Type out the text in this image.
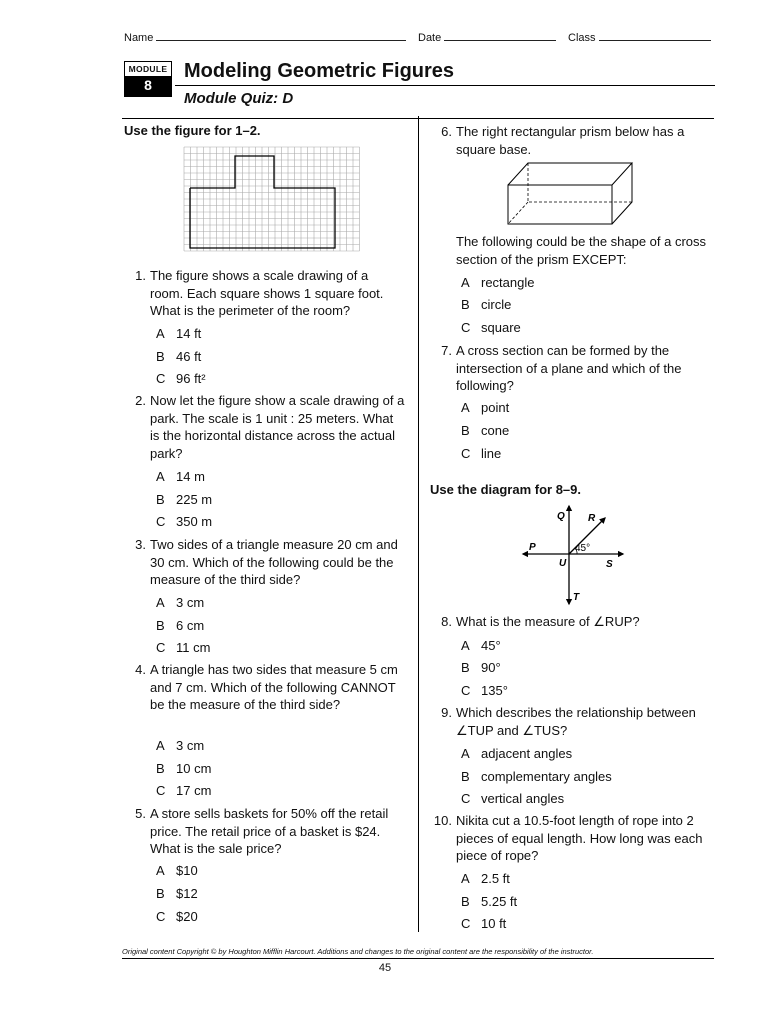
Name	Date	Class
MODULE
8
Modeling Geometric Figures
Module Quiz: D
Use the figure for 1–2.
1. The figure shows a scale drawing of a room. Each square shows 1 square foot. What is the perimeter of the room?
A 14 ft
B 46 ft
C 96 ft²
2. Now let the figure show a scale drawing of a park. The scale is 1 unit : 25 meters. What is the horizontal distance across the actual park?
A 14 m
B 225 m
C 350 m
3. Two sides of a triangle measure 20 cm and 30 cm. Which of the following could be the measure of the third side?
A 3 cm
B 6 cm
C 11 cm
4. A triangle has two sides that measure 5 cm and 7 cm. Which of the following CANNOT be the measure of the third side?
A 3 cm
B 10 cm
C 17 cm
5. A store sells baskets for 50% off the retail price. The retail price of a basket is $24. What is the sale price?
A $10
B $12
C $20
6. The right rectangular prism below has a square base.
The following could be the shape of a cross section of the prism EXCEPT:
A rectangle
B circle
C square
7. A cross section can be formed by the intersection of a plane and which of the following?
A point
B cone
C line
Use the diagram for 8–9.
Q R
P
U	S
T
45°
8. What is the measure of ∠RUP?
A 45°
B 90°
C 135°
9. Which describes the relationship between ∠TUP and ∠TUS?
A adjacent angles
B complementary angles
C vertical angles
10. Nikita cut a 10.5-foot length of rope into 2 pieces of equal length. How long was each piece of rope?
A 2.5 ft
B 5.25 ft
C 10 ft
Original content Copyright © by Houghton Mifflin Harcourt. Additions and changes to the original content are the responsibility of the instructor.
45
